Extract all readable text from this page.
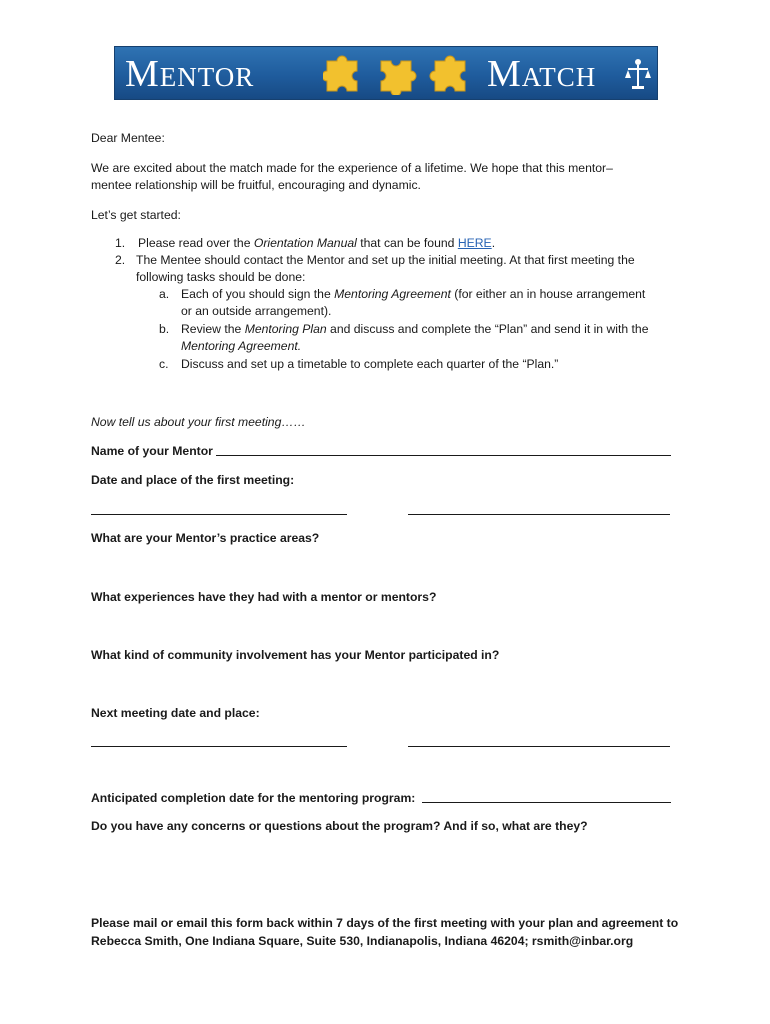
Mentor	Match
Dear Mentee:
We are excited about the match made for the experience of a lifetime. We hope that this mentor–
mentee relationship will be fruitful, encouraging and dynamic.
Let’s get started:
1. Please read over the Orientation Manual that can be found HERE.
2. The Mentee should contact the Mentor and set up the initial meeting. At that first meeting the
following tasks should be done:
a. Each of you should sign the Mentoring Agreement (for either an in house arrangement
or an outside arrangement).
b. Review the Mentoring Plan and discuss and complete the “Plan” and send it in with the
Mentoring Agreement.
c. Discuss and set up a timetable to complete each quarter of the “Plan.”
Now tell us about your first meeting……
Name of your Mentor
Date and place of the first meeting:
What are your Mentor’s practice areas?
What experiences have they had with a mentor or mentors?
What kind of community involvement has your Mentor participated in?
Next meeting date and place:
Anticipated completion date for the mentoring program:
Do you have any concerns or questions about the program? And if so, what are they?
Please mail or email this form back within 7 days of the first meeting with your plan and agreement to
Rebecca Smith, One Indiana Square, Suite 530, Indianapolis, Indiana 46204; rsmith@inbar.org
